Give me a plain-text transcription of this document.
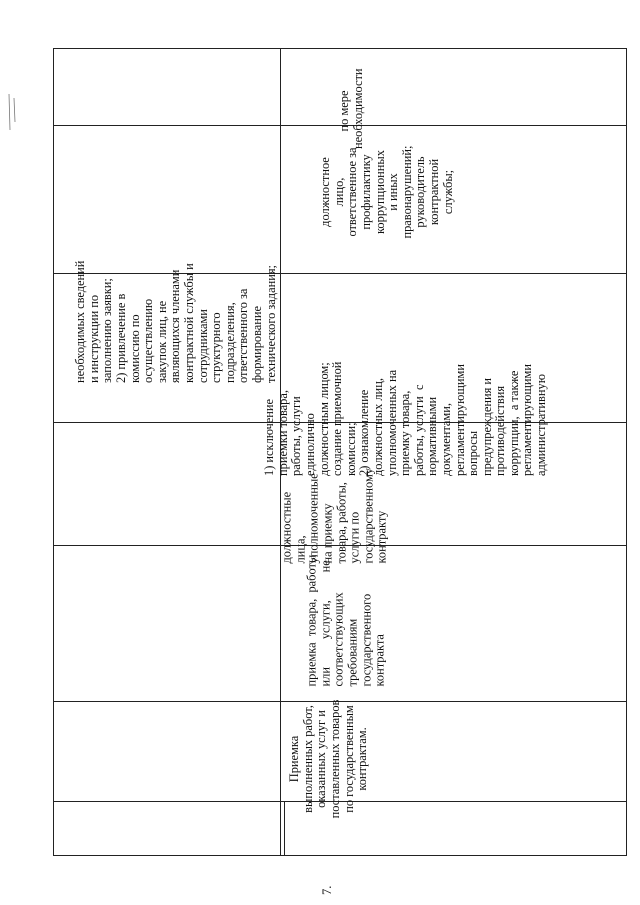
необходимых сведений
и инструкции по
заполнению заявки;
2) привлечение в
комиссию по
осуществлению
закупок лиц, не
являющихся членами
контрактной службы и
сотрудниками
структурного
подразделения,
ответственного за
формирование
технического задания;

7.

Приемка
выполненных работ,
оказанных услуг и
поставленных товаров
по государственным
контрактам.

приемка  товара,  работы
или         услуги,         не
соответствующих
требованиям
государственного
контракта

должностные
лица,
уполномоченные
на приемку
товара, работы,
услуги по
государственному
контракту

1) исключение
приемки товара,
работы, услуги
единолично
должностным лицом;
создание приемочной
комиссии;
2) ознакомление
должностных лиц,
уполномоченных на
приемку товара,
работы, услуги  с
нормативными
документами,
регламентирующими
вопросы
предупреждения и
противодействия
коррупции,  а также
регламентирующими
административную

должностное
лицо,
ответственное за
профилактику
коррупционных
и иных
правонарушений;
руководитель
контрактной
службы;

по мере
необходимости
